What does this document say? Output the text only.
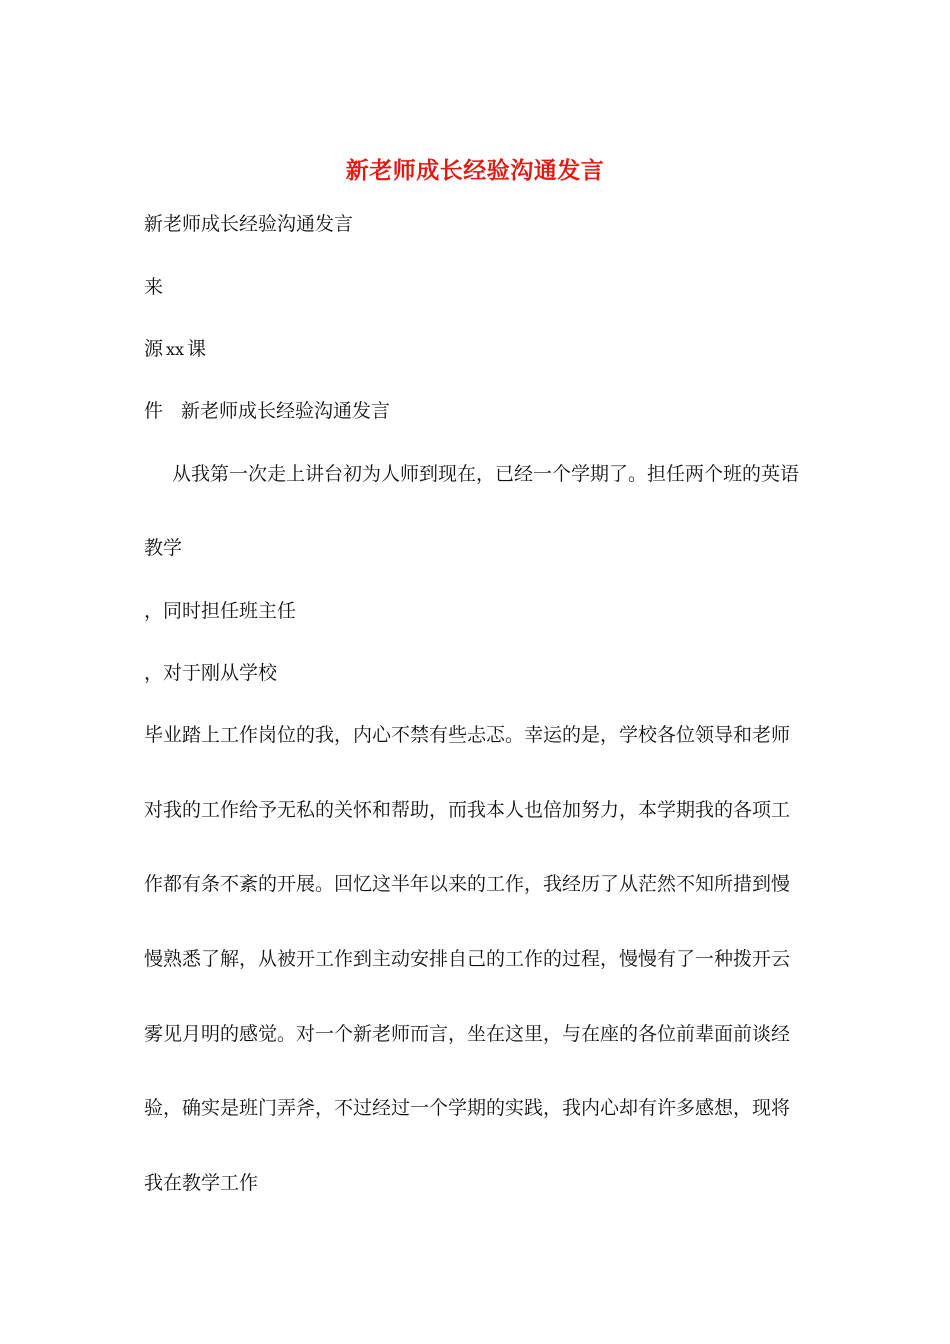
新老师成长经验沟通发言
新老师成长经验沟通发言
来
源 xx 课
件 新老师成长经验沟通发言
从我第一次走上讲台初为人师到现在，已经一个学期了。担任两个班的英语
教学
，同时担任班主任
，对于刚从学校
毕业踏上工作岗位的我，内心不禁有些忐忑。幸运的是，学校各位领导和老师
对我的工作给予无私的关怀和帮助，而我本人也倍加努力，本学期我的各项工
作都有条不紊的开展。回忆这半年以来的工作，我经历了从茫然不知所措到慢
慢熟悉了解，从被开工作到主动安排自己的工作的过程，慢慢有了一种拨开云
雾见月明的感觉。对一个新老师而言，坐在这里，与在座的各位前辈面前谈经
验，确实是班门弄斧，不过经过一个学期的实践，我内心却有许多感想，现将
我在教学工作
